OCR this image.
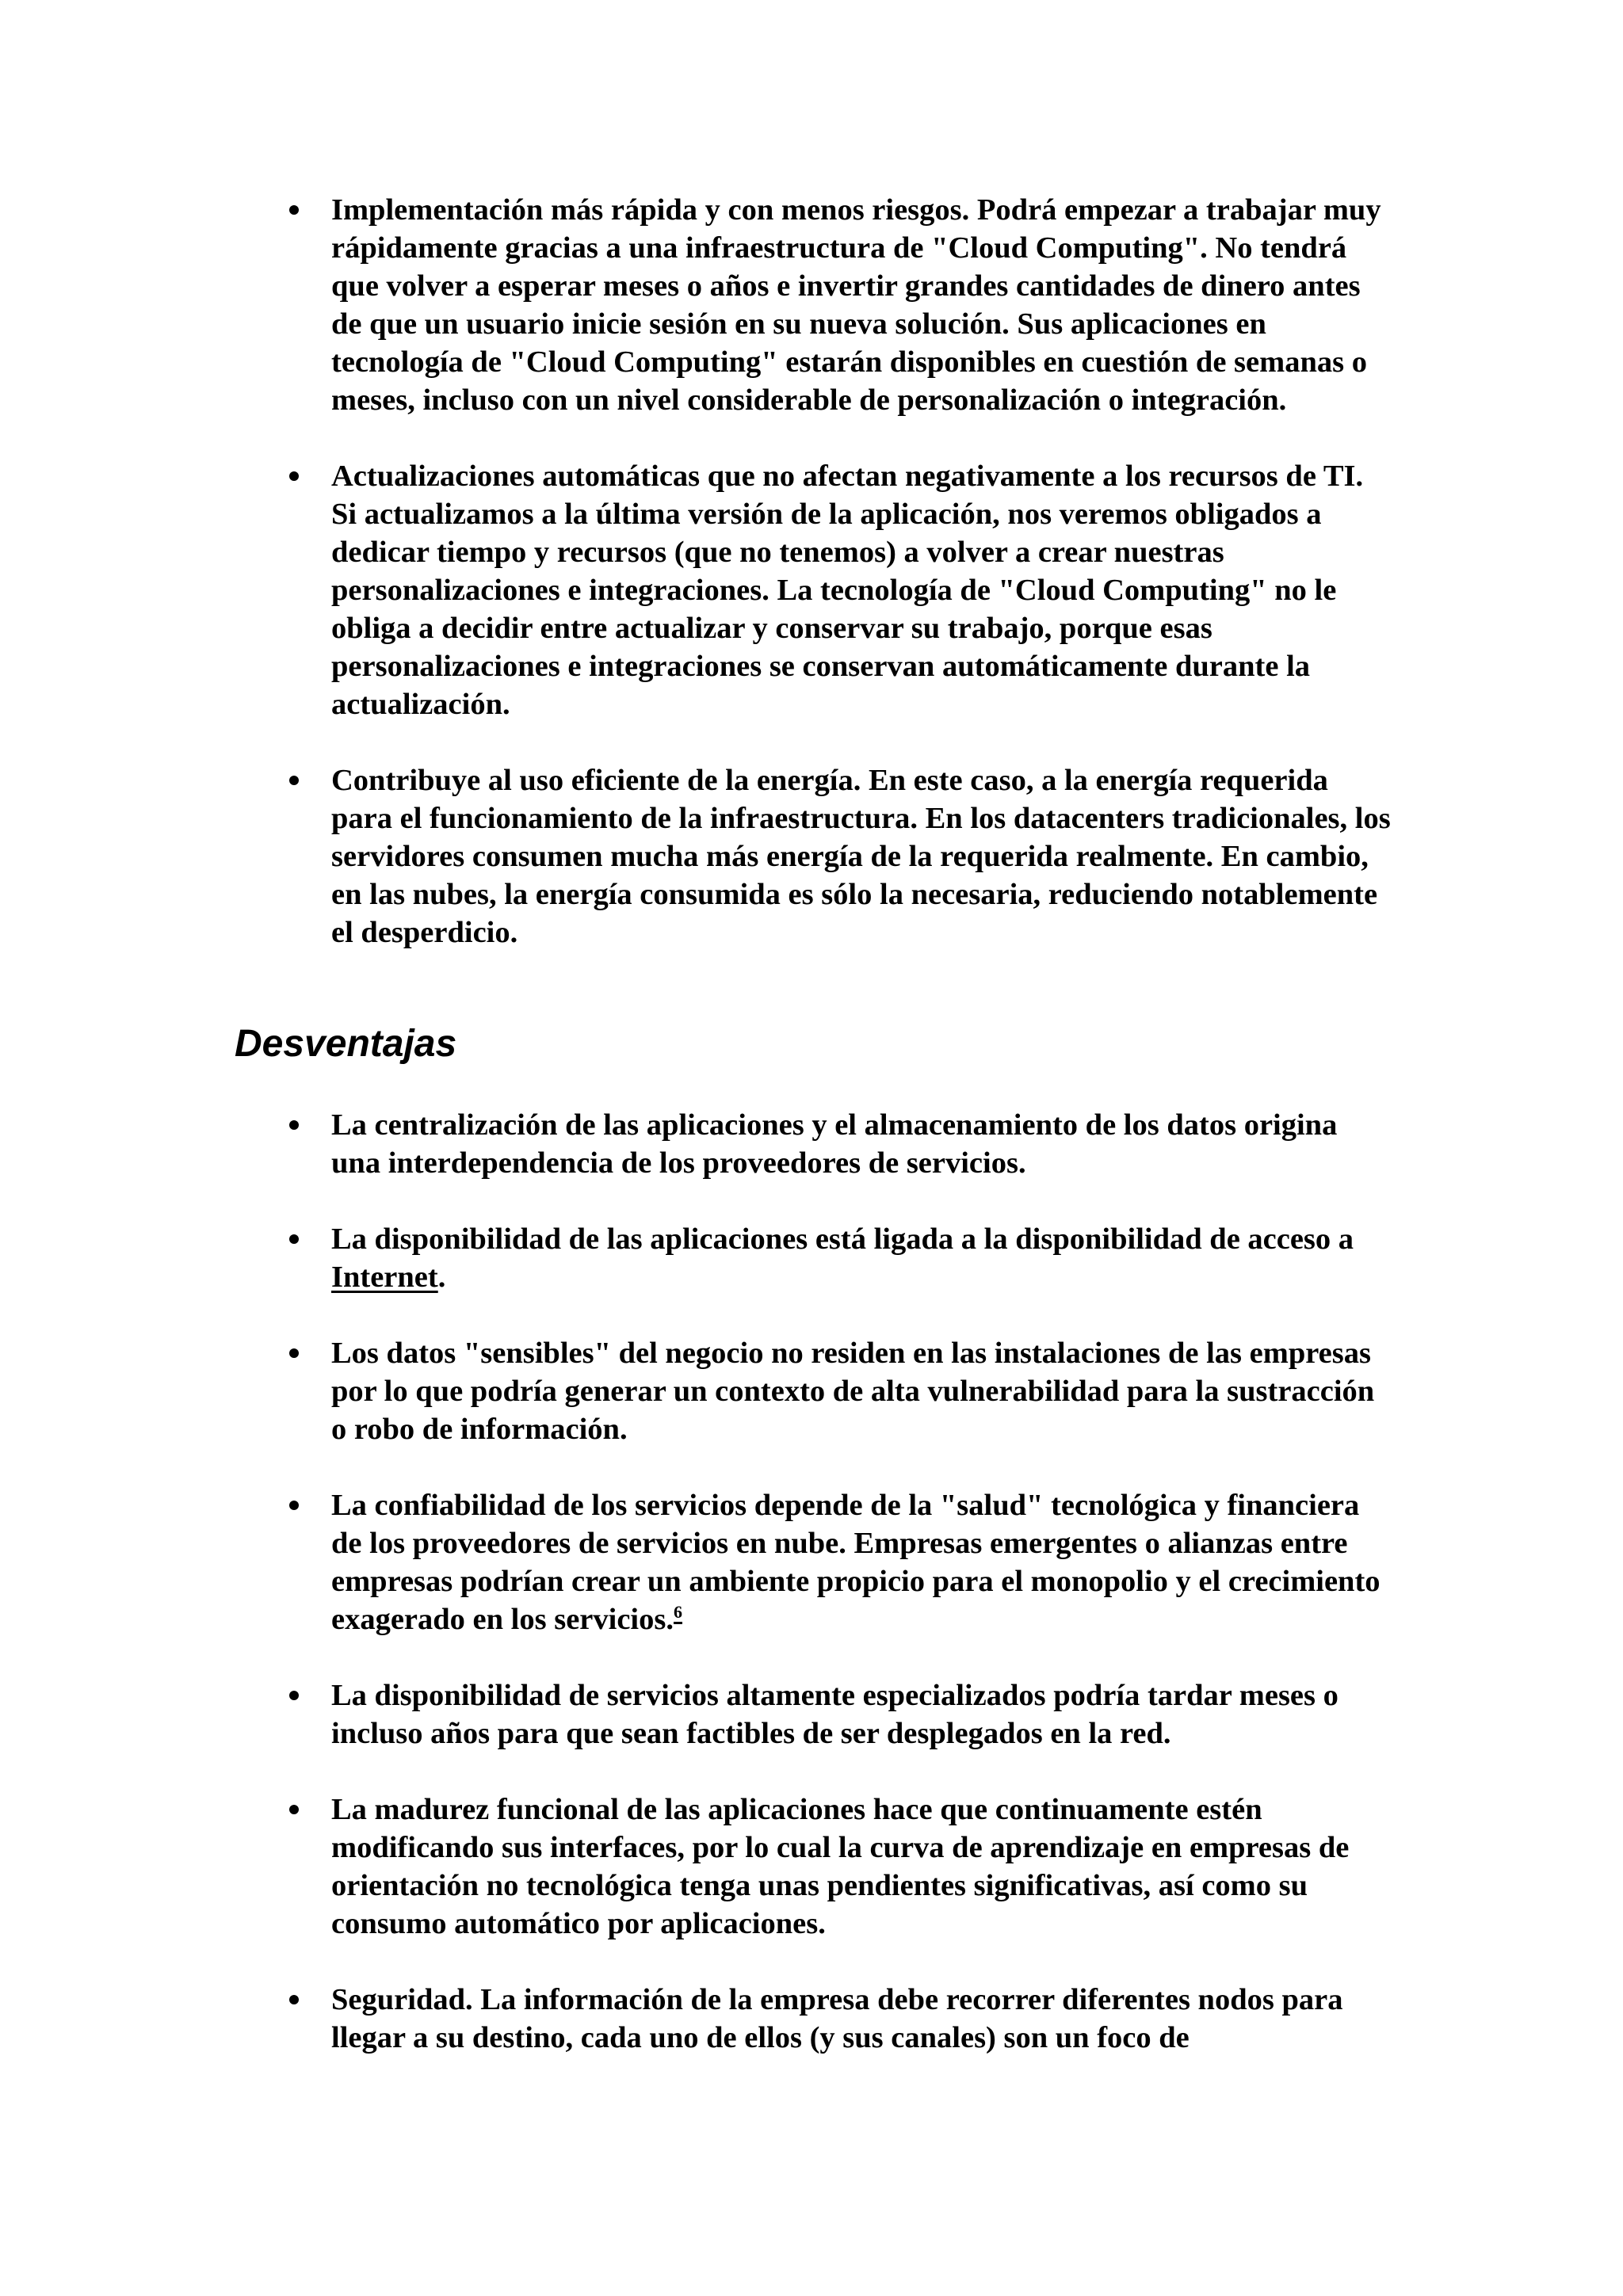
Implementación más rápida y con menos riesgos. Podrá empezar a trabajar muy rápidamente gracias a una infraestructura de "Cloud Computing". No tendrá que volver a esperar meses o años e invertir grandes cantidades de dinero antes de que un usuario inicie sesión en su nueva solución. Sus aplicaciones en tecnología de "Cloud Computing" estarán disponibles en cuestión de semanas o meses, incluso con un nivel considerable de personalización o integración.
Actualizaciones automáticas que no afectan negativamente a los recursos de TI. Si actualizamos a la última versión de la aplicación, nos veremos obligados a dedicar tiempo y recursos (que no tenemos) a volver a crear nuestras personalizaciones e integraciones. La tecnología de "Cloud Computing" no le obliga a decidir entre actualizar y conservar su trabajo, porque esas personalizaciones e integraciones se conservan automáticamente durante la actualización.
Contribuye al uso eficiente de la energía. En este caso, a la energía requerida para el funcionamiento de la infraestructura. En los datacenters tradicionales, los servidores consumen mucha más energía de la requerida realmente. En cambio, en las nubes, la energía consumida es sólo la necesaria, reduciendo notablemente el desperdicio.
Desventajas
La centralización de las aplicaciones y el almacenamiento de los datos origina una interdependencia de los proveedores de servicios.
La disponibilidad de las aplicaciones está ligada a la disponibilidad de acceso a Internet.
Los datos "sensibles" del negocio no residen en las instalaciones de las empresas por lo que podría generar un contexto de alta vulnerabilidad para la sustracción o robo de información.
La confiabilidad de los servicios depende de la "salud" tecnológica y financiera de los proveedores de servicios en nube. Empresas emergentes o alianzas entre empresas podrían crear un ambiente propicio para el monopolio y el crecimiento exagerado en los servicios.$^6$
La disponibilidad de servicios altamente especializados podría tardar meses o incluso años para que sean factibles de ser desplegados en la red.
La madurez funcional de las aplicaciones hace que continuamente estén modificando sus interfaces, por lo cual la curva de aprendizaje en empresas de orientación no tecnológica tenga unas pendientes significativas, así como su consumo automático por aplicaciones.
Seguridad. La información de la empresa debe recorrer diferentes nodos para llegar a su destino, cada uno de ellos (y sus canales) son un foco de
